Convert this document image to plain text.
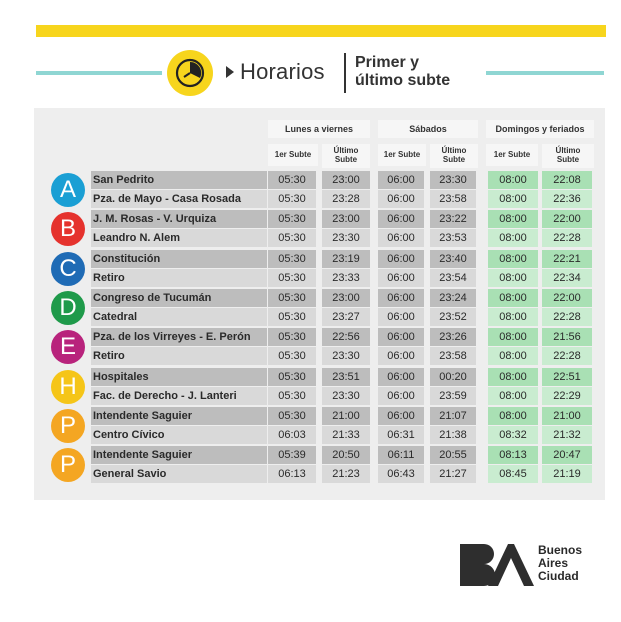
Horarios Primer y
último subte
Lunes a viernes	Sábados	Domingos y feriados
1er Subte	Último
Subte
1er Subte	Último
Subte
1er Subte	Último
Subte
A	San Pedrito	05:30	23:00	06:00	23:30	08:00	22:08
Pza. de Mayo - Casa Rosada	05:30	23:28	06:00	23:58	08:00	22:36
B	J. M. Rosas - V. Urquiza	05:30	23:00	06:00	23:22	08:00	22:00
Leandro N. Alem	05:30	23:30	06:00	23:53	08:00	22:28
C	Constitución	05:30	23:19	06:00	23:40	08:00	22:21
Retiro	05:30	23:33	06:00	23:54	08:00	22:34
D	Congreso de Tucumán	05:30	23:00	06:00	23:24	08:00	22:00
Catedral	05:30	23:27	06:00	23:52	08:00	22:28
E	Pza. de los Virreyes - E. Perón	05:30	22:56	06:00	23:26	08:00	21:56
Retiro	05:30	23:30	06:00	23:58	08:00	22:28
H	Hospitales	05:30	23:51	06:00	00:20	08:00	22:51
Fac. de Derecho - J. Lanteri	05:30	23:30	06:00	23:59	08:00	22:29
P	Intendente Saguier	05:30	21:00	06:00	21:07	08:00	21:00
Centro Cívico	06:03	21:33	06:31	21:38	08:32	21:32
P	Intendente Saguier	05:39	20:50	06:11	20:55	08:13	20:47
General Savio	06:13	21:23	06:43	21:27	08:45	21:19
Buenos
Aires
Ciudad
